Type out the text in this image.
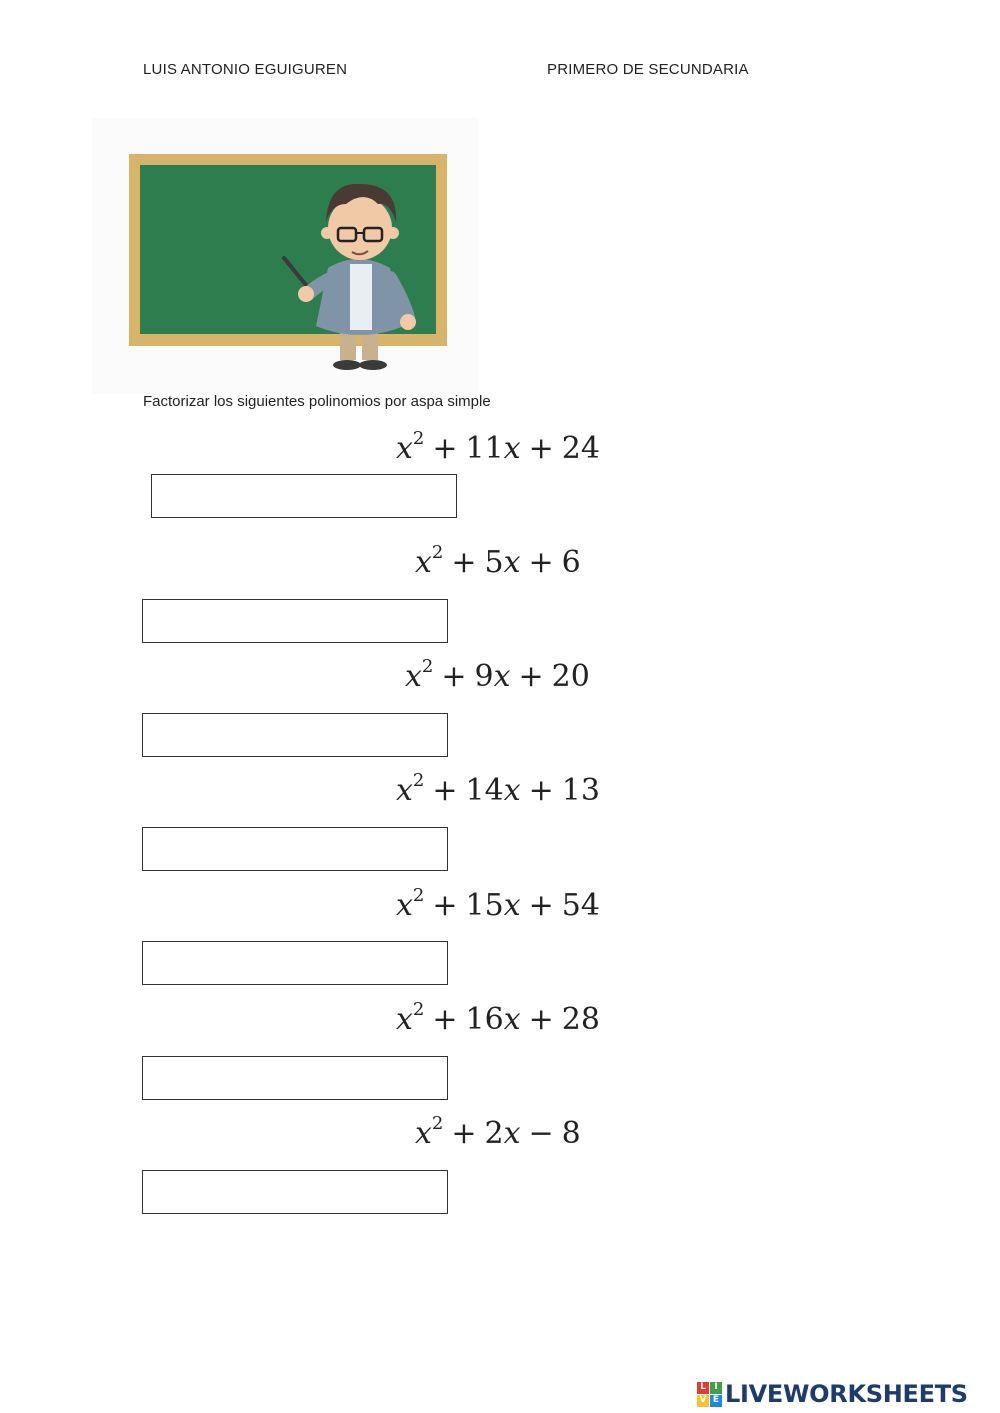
LUIS ANTONIO EGUIGUREN	PRIMERO DE SECUNDARIA
Factorizar los siguientes polinomios por aspa simple
$x^2 + 11x + 24$
$x^2 + 5x + 6$
$x^2 + 9x + 20$
$x^2 + 14x + 13$
$x^2 + 15x + 54$
$x^2 + 16x + 28$
$x^2 + 2x - 8$
L I
V E LIVEWORKSHEETS
